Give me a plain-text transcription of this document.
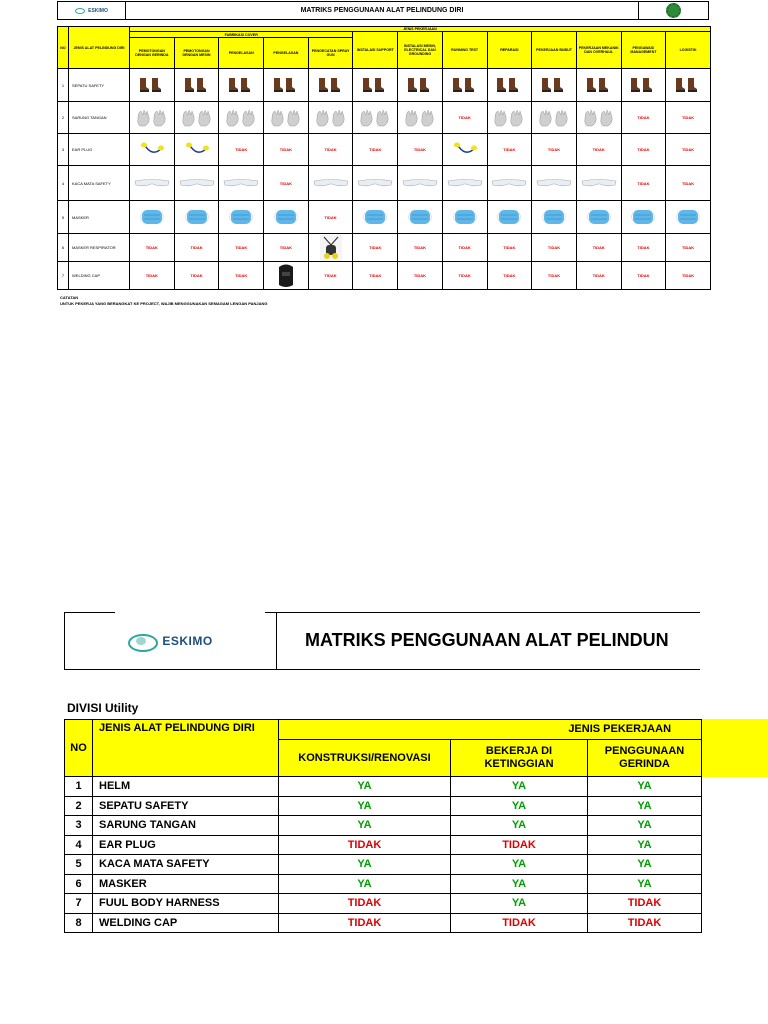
ESKIMO	MATRIKS PENGGUNAAN ALAT PELINDUNG DIRI
NO	JENIS ALAT PELINDUNG DIRI	JENIS PEKERJAAN												
		FABRIKASI COVER					INSTALASI SUPPORT	INSTALASI MESIN, ELECTRICAL DAN GROUNDING	RUNNING TEST	REPARASI	PEKERJAAN BUBUT	PEKERJAAN MEKANIK DAN OVERHAUL	PENGAWAS/ MANAGEMENT	LOGISTIK
		PEMOTONGAN DENGAN GERINDA	PEMOTONGAN DENGAN MESIN	PENGELASAN	PENGELASAN	PENGECATAN SPRAY GUN								
1	SEPATU SAFETY	

2	SARUNG TANGAN								TIDAK				TIDAK	TIDAK
3	EAR PLUG			TIDAK	TIDAK	TIDAK	TIDAK	TIDAK		TIDAK	TIDAK	TIDAK	TIDAK	TIDAK
4	KACA MATA SAFETY				TIDAK								TIDAK	TIDAK
5	MASKER					TIDAK	

6	MASKER RESPIRATOR	TIDAK	TIDAK	TIDAK	TIDAK		TIDAK	TIDAK	TIDAK	TIDAK	TIDAK	TIDAK	TIDAK	TIDAK
7	WELDING CAP	TIDAK	TIDAK	TIDAK		TIDAK	TIDAK	TIDAK	TIDAK	TIDAK	TIDAK	TIDAK	TIDAK	TIDAK
CATATAN
UNTUK PEKERJA YANG BERANGKAT KE PROJECT, WAJIB MENGGUNAKAN SEMAGAM LENGAN PANJANG
ESKIMO	MATRIKS PENGGUNAAN ALAT PELINDUN
DIVISI Utility
NO	JENIS ALAT PELINDUNG DIRI	JENIS PEKERJAAN		
		KONSTRUKSI/RENOVASI	BEKERJA DI KETINGGIAN	PENGGUNAAN GERINDA
1	HELM	YA	YA	YA
2	SEPATU SAFETY	YA	YA	YA
3	SARUNG TANGAN	YA	YA	YA
4	EAR PLUG	TIDAK	TIDAK	YA
5	KACA MATA SAFETY	YA	YA	YA
6	MASKER	YA	YA	YA
7	FUUL BODY HARNESS	TIDAK	YA	TIDAK
8	WELDING CAP	TIDAK	TIDAK	TIDAK
